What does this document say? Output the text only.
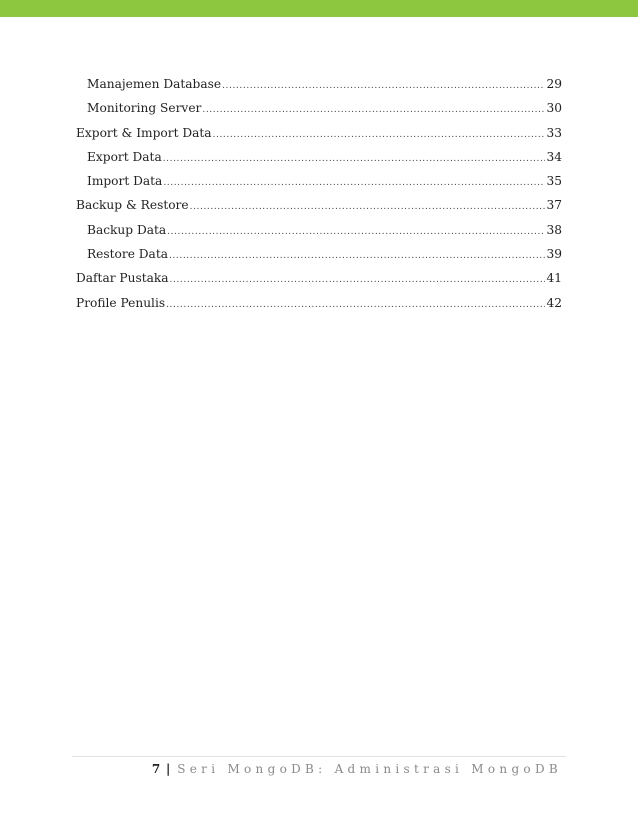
Manajemen Database .....	29
Monitoring Server .....	30
Export & Import Data .....	33
Export Data .....	34
Import Data .....	35
Backup & Restore .....	37
Backup Data .....	38
Restore Data .....	39
Daftar Pustaka .....	41
Profile Penulis .....	42
7 | Seri MongoDB: Administrasi MongoDB
